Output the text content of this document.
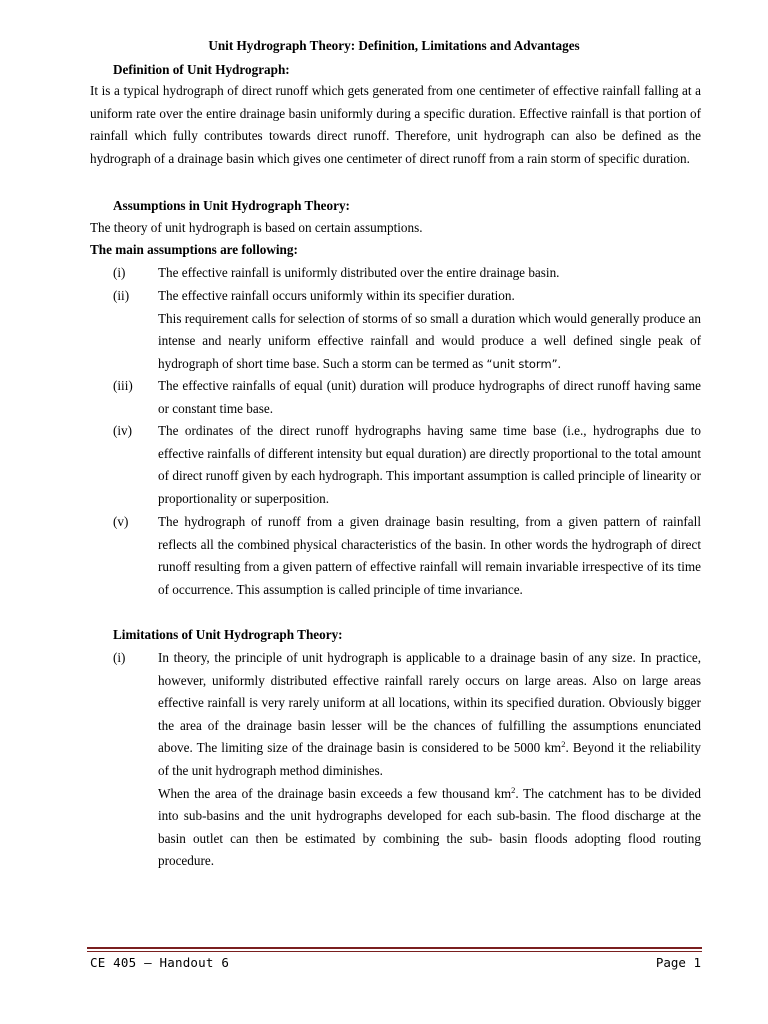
Unit Hydrograph Theory: Definition, Limitations and Advantages
Definition of Unit Hydrograph:
It is a typical hydrograph of direct runoff which gets generated from one centimeter of effective rainfall falling at a uniform rate over the entire drainage basin uniformly during a specific duration. Effective rainfall is that portion of rainfall which fully contributes towards direct runoff. Therefore, unit hydrograph can also be defined as the hydrograph of a drainage basin which gives one centimeter of direct runoff from a rain storm of specific duration.
Assumptions in Unit Hydrograph Theory:
The theory of unit hydrograph is based on certain assumptions.
The main assumptions are following:
(i) The effective rainfall is uniformly distributed over the entire drainage basin.
(ii) The effective rainfall occurs uniformly within its specifier duration.
This requirement calls for selection of storms of so small a duration which would generally produce an intense and nearly uniform effective rainfall and would produce a well defined single peak of hydrograph of short time base. Such a storm can be termed as “unit storm”.
(iii) The effective rainfalls of equal (unit) duration will produce hydrographs of direct runoff having same or constant time base.
(iv) The ordinates of the direct runoff hydrographs having same time base (i.e., hydrographs due to effective rainfalls of different intensity but equal duration) are directly proportional to the total amount of direct runoff given by each hydrograph. This important assumption is called principle of linearity or proportionality or superposition.
(v) The hydrograph of runoff from a given drainage basin resulting, from a given pattern of rainfall reflects all the combined physical characteristics of the basin. In other words the hydrograph of direct runoff resulting from a given pattern of effective rainfall will remain invariable irrespective of its time of occurrence. This assumption is called principle of time invariance.
Limitations of Unit Hydrograph Theory:
(i) In theory, the principle of unit hydrograph is applicable to a drainage basin of any size. In practice, however, uniformly distributed effective rainfall rarely occurs on large areas. Also on large areas effective rainfall is very rarely uniform at all locations, within its specified duration. Obviously bigger the area of the drainage basin lesser will be the chances of fulfilling the assumptions enunciated above. The limiting size of the drainage basin is considered to be 5000 $km^2$. Beyond it the reliability of the unit hydrograph method diminishes.
When the area of the drainage basin exceeds a few thousand $km^2$. The catchment has to be divided into sub-basins and the unit hydrographs developed for each sub-basin. The flood discharge at the basin outlet can then be estimated by combining the sub- basin floods adopting flood routing procedure.
CE 405 – Handout 6	Page 1
